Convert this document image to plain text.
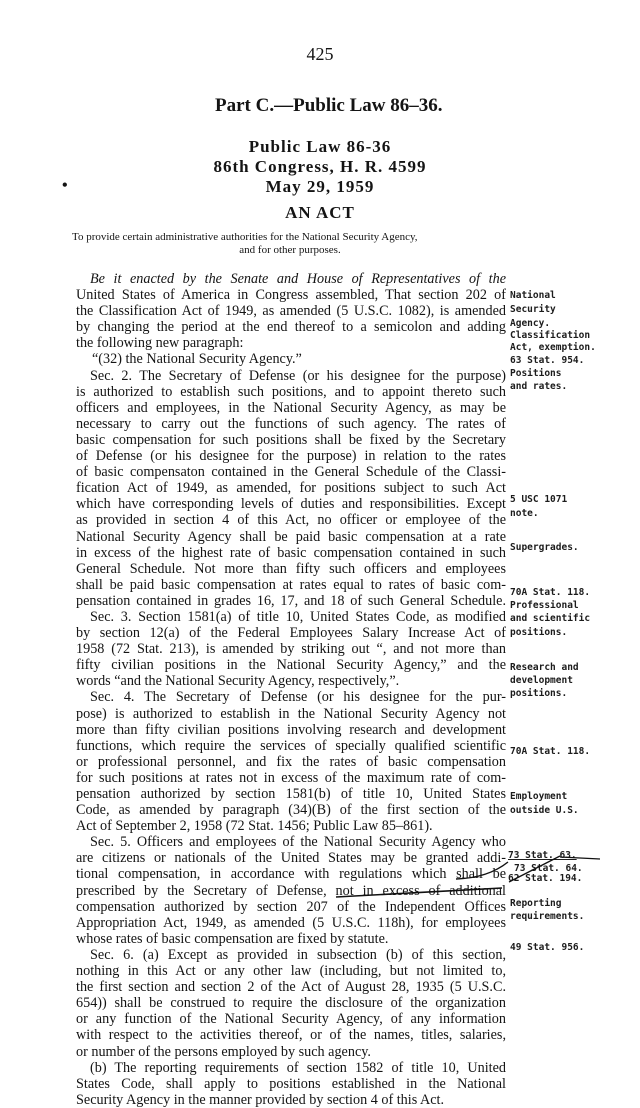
425
Part C.—Public Law 86–36.
•
Public Law 86-36
86th Congress, H. R. 4599
May 29, 1959
AN ACT
To provide certain administrative authorities for the National Security Agency,
and for other purposes.
Be it enacted by the Senate and House of Representatives of the
United States of America in Congress assembled, That section 202 of
the Classification Act of 1949, as amended (5 U.S.C. 1082), is amended
by changing the period at the end thereof to a semicolon and adding
the following new paragraph:
“(32) the National Security Agency.”
Sec. 2. The Secretary of Defense (or his designee for the purpose)
is authorized to establish such positions, and to appoint thereto such
officers and employees, in the National Security Agency, as may be
necessary to carry out the functions of such agency. The rates of
basic compensation for such positions shall be fixed by the Secretary
of Defense (or his designee for the purpose) in relation to the rates
of basic compensaton contained in the General Schedule of the Classi-
fication Act of 1949, as amended, for positions subject to such Act
which have corresponding levels of duties and responsibilities. Except
as provided in section 4 of this Act, no officer or employee of the
National Security Agency shall be paid basic compensation at a rate
in excess of the highest rate of basic compensation contained in such
General Schedule. Not more than fifty such officers and employees
shall be paid basic compensation at rates equal to rates of basic com-
pensation contained in grades 16, 17, and 18 of such General Schedule.
Sec. 3. Section 1581(a) of title 10, United States Code, as modified
by section 12(a) of the Federal Employees Salary Increase Act of
1958 (72 Stat. 213), is amended by striking out “, and not more than
fifty civilian positions in the National Security Agency,” and the
words “and the National Security Agency, respectively,”.
Sec. 4. The Secretary of Defense (or his designee for the pur-
pose) is authorized to establish in the National Security Agency not
more than fifty civilian positions involving research and development
functions, which require the services of specially qualified scientific
or professional personnel, and fix the rates of basic compensation
for such positions at rates not in excess of the maximum rate of com-
pensation authorized by section 1581(b) of title 10, United States
Code, as amended by paragraph (34)(B) of the first section of the
Act of September 2, 1958 (72 Stat. 1456; Public Law 85–861).
Sec. 5. Officers and employees of the National Security Agency who
are citizens or nationals of the United States may be granted addi-
tional compensation, in accordance with regulations which shall be
prescribed by the Secretary of Defense, not in excess of additional
compensation authorized by section 207 of the Independent Offices
Appropriation Act, 1949, as amended (5 U.S.C. 118h), for employees
whose rates of basic compensation are fixed by statute.
Sec. 6. (a) Except as provided in subsection (b) of this section,
nothing in this Act or any other law (including, but not limited to,
the first section and section 2 of the Act of August 28, 1935 (5 U.S.C.
654)) shall be construed to require the disclosure of the organization
or any function of the National Security Agency, of any information
with respect to the activities thereof, or of the names, titles, salaries,
or number of the persons employed by such agency.
(b) The reporting requirements of section 1582 of title 10, United
States Code, shall apply to positions established in the National
Security Agency in the manner provided by section 4 of this Act.
National
Security
Agency.
Classification
Act, exemption.
63 Stat. 954.
Positions
and rates.
5 USC 1071
note.
Supergrades.
70A Stat. 118.
Professional
and scientific
positions.
Research and
development
positions.
70A Stat. 118.
Employment
outside U.S.
73 Stat. 63.
73 Stat. 64.
62 Stat. 194.
Reporting
requirements.
49 Stat. 956.
